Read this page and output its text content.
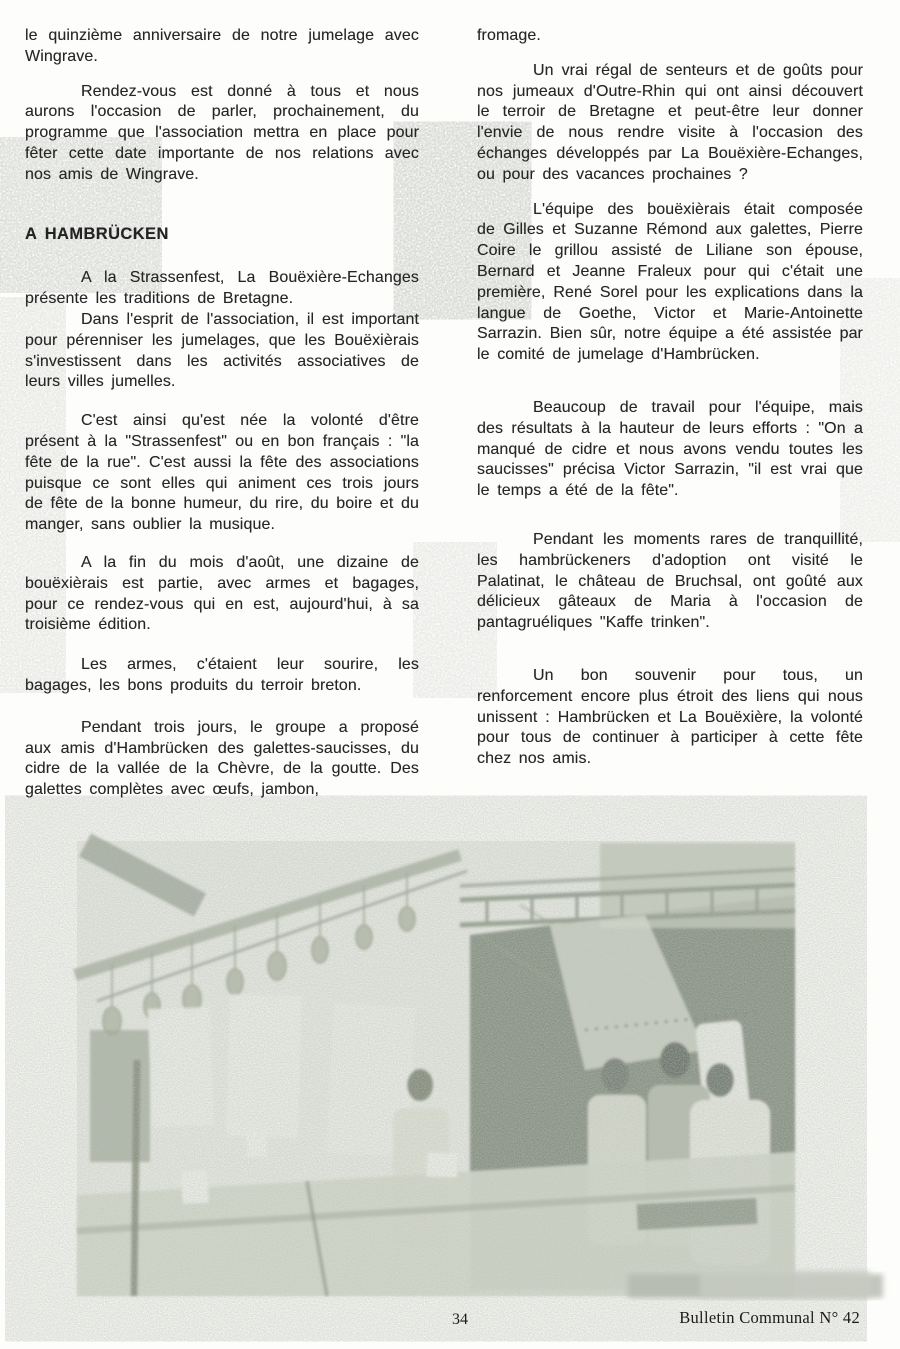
le quinzième anniversaire de notre jumelage avec Wingrave.

Rendez-vous est donné à tous et nous aurons l'occasion de parler, prochainement, du programme que l'association mettra en place pour fêter cette date importante de nos relations avec nos amis de Wingrave.

A HAMBRÜCKEN

A la Strassenfest, La Bouëxière-Echanges présente les traditions de Bretagne.

Dans l'esprit de l'association, il est important pour pérenniser les jumelages, que les Bouëxièrais s'investissent dans les activités associatives de leurs villes jumelles.

C'est ainsi qu'est née la volonté d'être présent à la "Strassenfest" ou en bon français : "la fête de la rue". C'est aussi la fête des associations puisque ce sont elles qui animent ces trois jours de fête de la bonne humeur, du rire, du boire et du manger, sans oublier la musique.

A la fin du mois d'août, une dizaine de bouëxièrais est partie, avec armes et bagages, pour ce rendez-vous qui en est, aujourd'hui, à sa troisième édition.

Les armes, c'étaient leur sourire, les bagages, les bons produits du terroir breton.

Pendant trois jours, le groupe a proposé aux amis d'Hambrücken des galettes-saucisses, du cidre de la vallée de la Chèvre, de la goutte. Des galettes complètes avec œufs, jambon,

fromage.

Un vrai régal de senteurs et de goûts pour nos jumeaux d'Outre-Rhin qui ont ainsi découvert le terroir de Bretagne et peut-être leur donner l'envie de nous rendre visite à l'occasion des échanges développés par La Bouëxière-Echanges, ou pour des vacances prochaines ?

L'équipe des bouëxièrais était composée de Gilles et Suzanne Rémond aux galettes, Pierre Coire le grillou assisté de Liliane son épouse, Bernard et Jeanne Fraleux pour qui c'était une première, René Sorel pour les explications dans la langue de Goethe, Victor et Marie-Antoinette Sarrazin. Bien sûr, notre équipe a été assistée par le comité de jumelage d'Hambrücken.

Beaucoup de travail pour l'équipe, mais des résultats à la hauteur de leurs efforts : "On a manqué de cidre et nous avons vendu toutes les saucisses" précisa Victor Sarrazin, "il est vrai que le temps a été de la fête".

Pendant les moments rares de tranquillité, les hambrückeners d'adoption ont visité le Palatinat, le château de Bruchsal, ont goûté aux délicieux gâteaux de Maria à l'occasion de pantagruéliques "Kaffe trinken".

Un bon souvenir pour tous, un renforcement encore plus étroit des liens qui nous unissent : Hambrücken et La Bouëxière, la volonté pour tous de continuer à participer à cette fête chez nos amis.

34	Bulletin Communal N° 42
